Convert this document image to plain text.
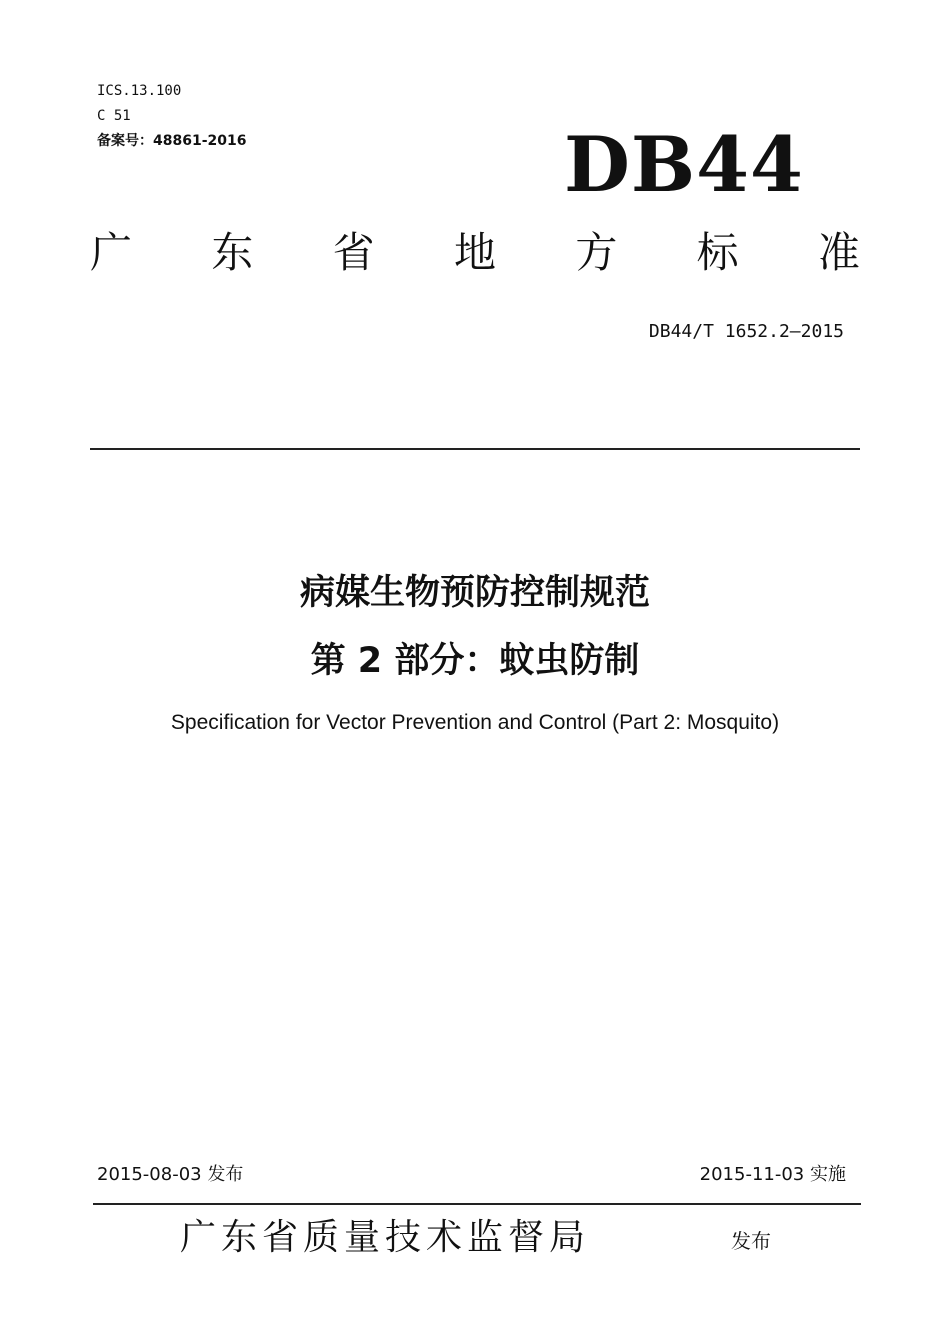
ICS.13.100
C 51
备案号：48861-2016	DB44
广 东 省 地 方 标 准
DB44/T 1652.2—2015
病媒生物预防控制规范
第 2 部分：蚊虫防制
Specification for Vector Prevention and Control (Part 2: Mosquito)
2015-08-03 发布	2015-11-03 实施
广东省质量技术监督局	发布
